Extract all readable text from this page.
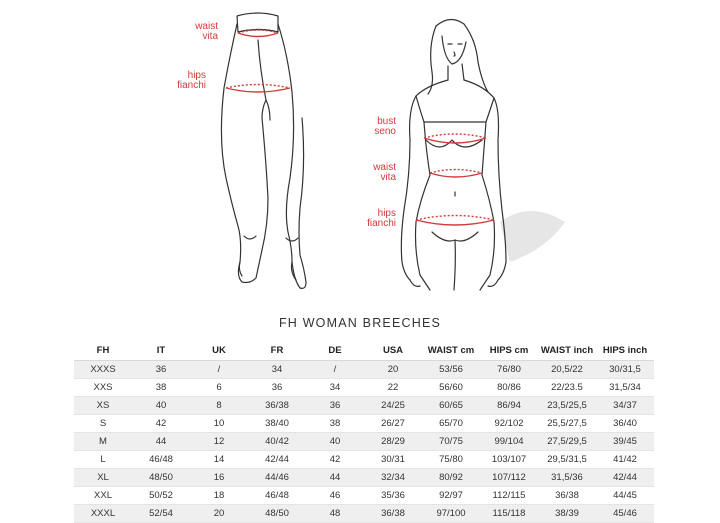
waist
vita
hips
fianchi
bust
seno
waist
vita
hips
fianchi
FH WOMAN BREECHES
FH	IT	UK	FR	DE	USA	WAIST cm	HIPS cm	WAIST inch	HIPS inch
XXXS	36	/	34	/	20	53/56	76/80	20,5/22	30/31,5
XXS	38	6	36	34	22	56/60	80/86	22/23.5	31,5/34
XS	40	8	36/38	36	24/25	60/65	86/94	23,5/25,5	34/37
S	42	10	38/40	38	26/27	65/70	92/102	25,5/27,5	36/40
M	44	12	40/42	40	28/29	70/75	99/104	27,5/29,5	39/45
L	46/48	14	42/44	42	30/31	75/80	103/107	29,5/31,5	41/42
XL	48/50	16	44/46	44	32/34	80/92	107/112	31,5/36	42/44
XXL	50/52	18	46/48	46	35/36	92/97	112/115	36/38	44/45
XXXL	52/54	20	48/50	48	36/38	97/100	115/118	38/39	45/46
